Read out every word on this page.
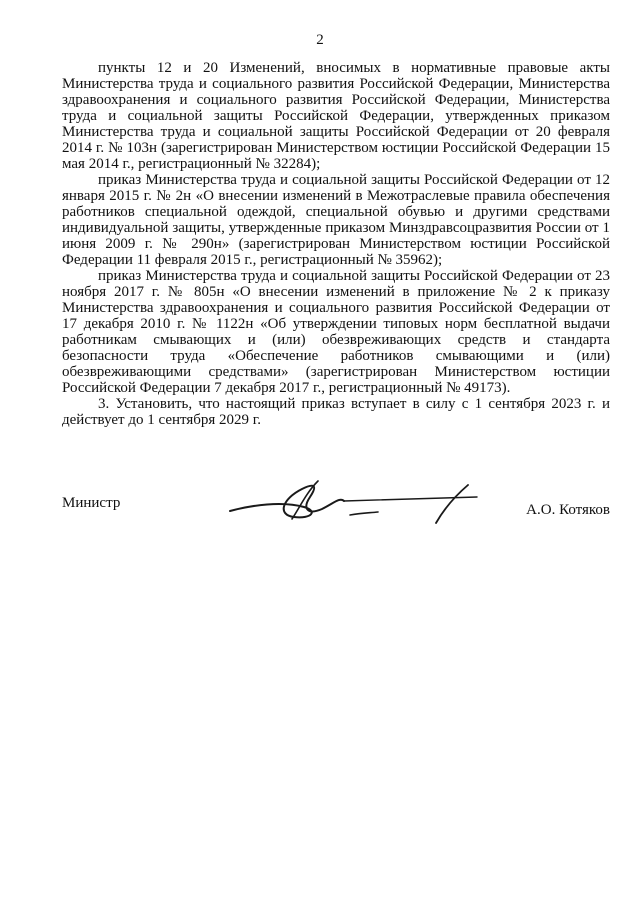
2

пункты 12 и 20 Изменений, вносимых в нормативные правовые акты Министерства труда и социального развития Российской Федерации, Министерства здравоохранения и социального развития Российской Федерации, Министерства труда и социальной защиты Российской Федерации, утвержденных приказом Министерства труда и социальной защиты Российской Федерации от 20 февраля 2014 г. № 103н (зарегистрирован Министерством юстиции Российской Федерации 15 мая 2014 г., регистрационный № 32284);

приказ Министерства труда и социальной защиты Российской Федерации от 12 января 2015 г. № 2н «О внесении изменений в Межотраслевые правила обеспечения работников специальной одеждой, специальной обувью и другими средствами индивидуальной защиты, утвержденные приказом Минздравсоцразвития России от 1 июня 2009 г. № 290н» (зарегистрирован Министерством юстиции Российской Федерации 11 февраля 2015 г., регистрационный № 35962);

приказ Министерства труда и социальной защиты Российской Федерации от 23 ноября 2017 г. № 805н «О внесении изменений в приложение № 2 к приказу Министерства здравоохранения и социального развития Российской Федерации от 17 декабря 2010 г. № 1122н «Об утверждении типовых норм бесплатной выдачи работникам смывающих и (или) обезвреживающих средств и стандарта безопасности труда «Обеспечение работников смывающими и (или) обезвреживающими средствами» (зарегистрирован Министерством юстиции Российской Федерации 7 декабря 2017 г., регистрационный № 49173).

3. Установить, что настоящий приказ вступает в силу с 1 сентября 2023 г. и действует до 1 сентября 2029 г.

Министр	А.О. Котяков
